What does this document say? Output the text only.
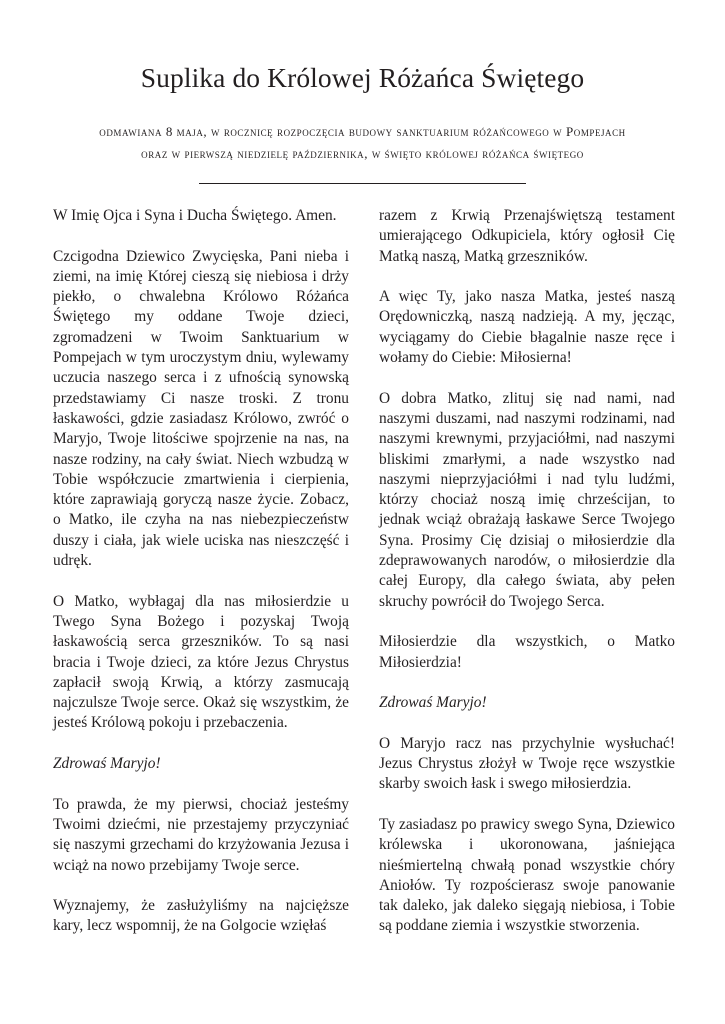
Suplika do Królowej Różańca Świętego
odmawiana 8 maja, w rocznicę rozpoczęcia budowy sanktuarium różańcowego w Pompejach
oraz w pierwszą niedzielę października, w święto królowej różańca świętego

W Imię Ojca i Syna i Ducha Świętego. Amen.

Czcigodna Dziewico Zwycięska, Pani nieba i ziemi, na imię Której cieszą się niebiosa i drży piekło, o chwalebna Królowo Różańca Świętego my oddane Twoje dzieci, zgromadzeni w Twoim Sanktuarium w Pompejach w tym uroczystym dniu, wylewamy uczucia naszego serca i z ufnością synowską przedstawiamy Ci nasze troski. Z tronu łaskawości, gdzie zasiadasz Królowo, zwróć o Maryjo, Twoje litościwe spojrzenie na nas, na nasze rodziny, na cały świat. Niech wzbudzą w Tobie współczucie zmartwienia i cierpienia, które zaprawiają goryczą nasze życie. Zobacz, o Matko, ile czyha na nas niebezpieczeństw duszy i ciała, jak wiele uciska nas nieszczęść i udręk.

O Matko, wybłagaj dla nas miłosierdzie u Twego Syna Bożego i pozyskaj Twoją łaskawością serca grzeszników. To są nasi bracia i Twoje dzieci, za które Jezus Chrystus zapłacił swoją Krwią, a którzy zasmucają najczulsze Twoje serce. Okaż się wszystkim, że jesteś Królową pokoju i przebaczenia.

Zdrowaś Maryjo!

To prawda, że my pierwsi, chociaż jesteśmy Twoimi dziećmi, nie przestajemy przyczyniać się naszymi grzechami do krzyżowania Jezusa i wciąż na nowo przebijamy Twoje serce.

Wyznajemy, że zasłużyliśmy na najcięższe kary, lecz wspomnij, że na Golgocie wzięłaś

razem z Krwią Przenajświętszą testament umierającego Odkupiciela, który ogłosił Cię Matką naszą, Matką grzeszników.

A więc Ty, jako nasza Matka, jesteś naszą Orędowniczką, naszą nadzieją. A my, jęcząc, wyciągamy do Ciebie błagalnie nasze ręce i wołamy do Ciebie: Miłosierna!

O dobra Matko, zlituj się nad nami, nad naszymi duszami, nad naszymi rodzinami, nad naszymi krewnymi, przyjaciółmi, nad naszymi bliskimi zmarłymi, a nade wszystko nad naszymi nieprzyjaciółmi i nad tylu ludźmi, którzy chociaż noszą imię chrześcijan, to jednak wciąż obrażają łaskawe Serce Twojego Syna. Prosimy Cię dzisiaj o miłosierdzie dla zdeprawowanych narodów, o miłosierdzie dla całej Europy, dla całego świata, aby pełen skruchy powrócił do Twojego Serca.

Miłosierdzie dla wszystkich, o Matko Miłosierdzia!

Zdrowaś Maryjo!

O Maryjo racz nas przychylnie wysłuchać! Jezus Chrystus złożył w Twoje ręce wszystkie skarby swoich łask i swego miłosierdzia.

Ty zasiadasz po prawicy swego Syna, Dziewico królewska i ukoronowana, jaśniejąca nieśmiertelną chwałą ponad wszystkie chóry Aniołów. Ty rozpościerasz swoje panowanie tak daleko, jak daleko sięgają niebiosa, i Tobie są poddane ziemia i wszystkie stworzenia.
